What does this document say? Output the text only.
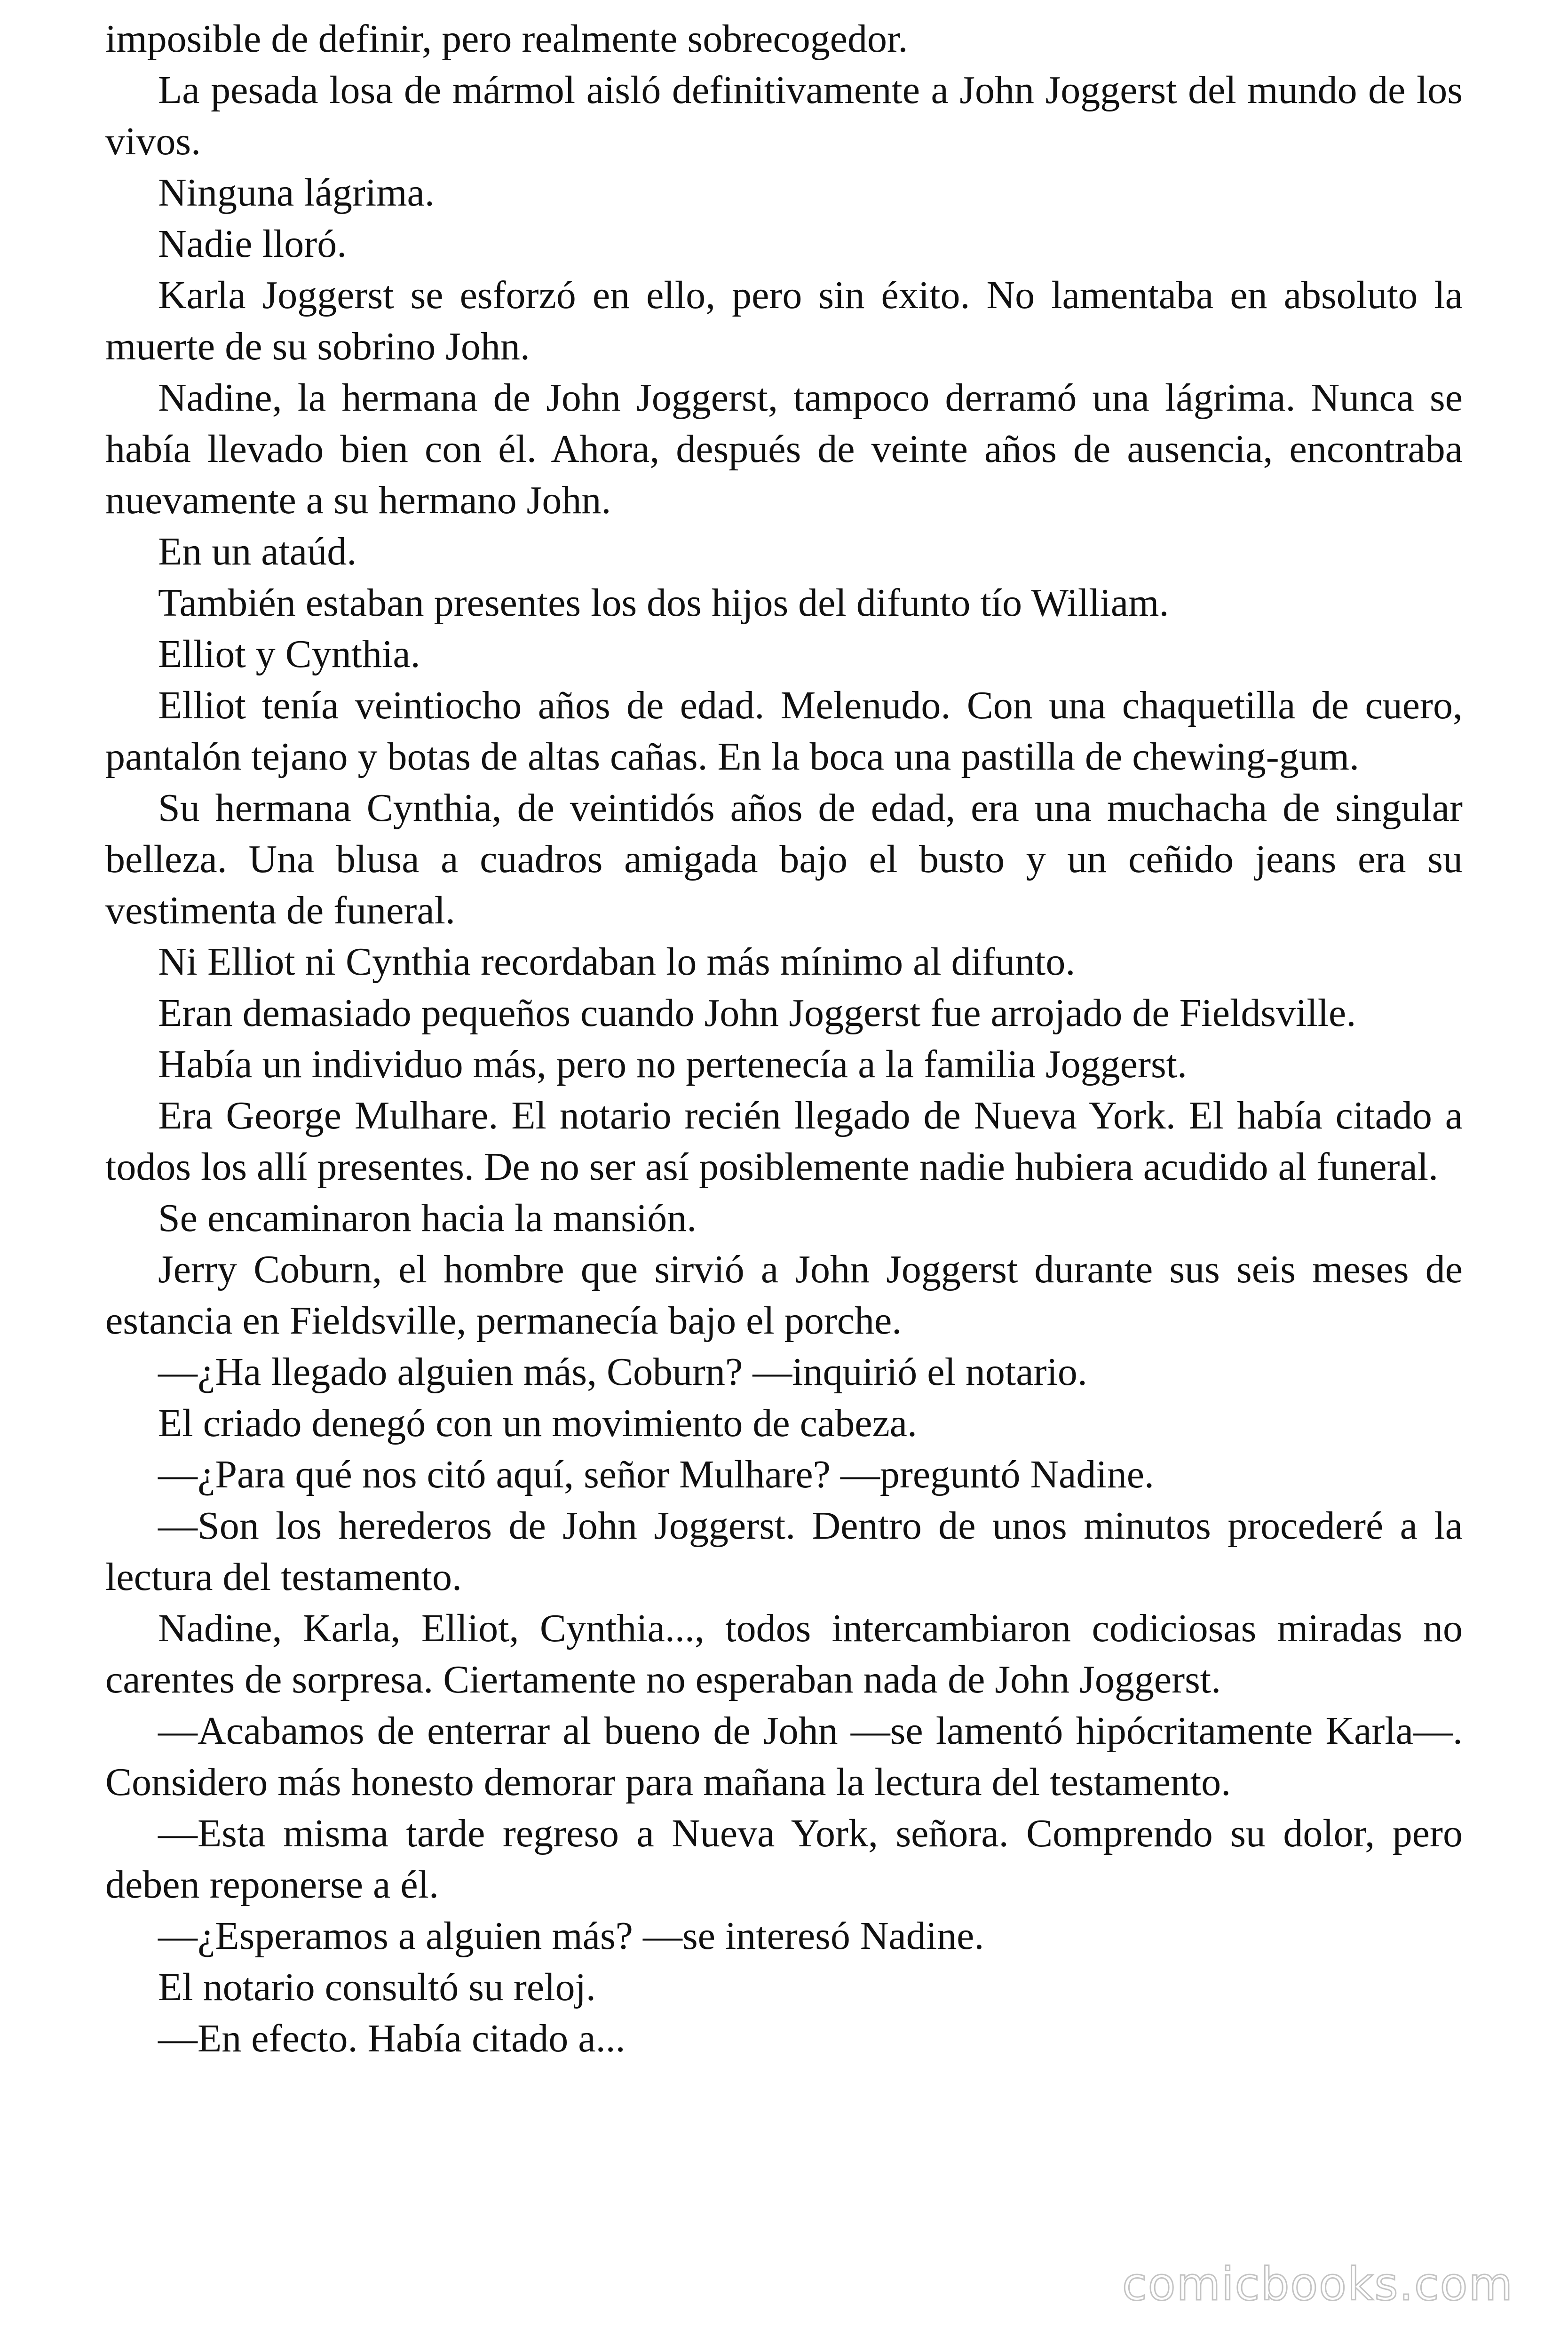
imposible de definir, pero realmente sobrecogedor.

La pesada losa de mármol aisló definitivamente a John Joggerst del mundo de los vivos.

Ninguna lágrima.

Nadie lloró.

Karla Joggerst se esforzó en ello, pero sin éxito. No lamentaba en absoluto la muerte de su sobrino John.

Nadine, la hermana de John Joggerst, tampoco derramó una lágrima. Nunca se había llevado bien con él. Ahora, después de veinte años de ausencia, encontraba nuevamente a su hermano John.

En un ataúd.

También estaban presentes los dos hijos del difunto tío William.

Elliot y Cynthia.

Elliot tenía veintiocho años de edad. Melenudo. Con una chaquetilla de cuero, pantalón tejano y botas de altas cañas. En la boca una pastilla de chewing-gum.

Su hermana Cynthia, de veintidós años de edad, era una muchacha de singular belleza. Una blusa a cuadros amigada bajo el busto y un ceñido jeans era su vestimenta de funeral.

Ni Elliot ni Cynthia recordaban lo más mínimo al difunto.

Eran demasiado pequeños cuando John Joggerst fue arrojado de Fieldsville.

Había un individuo más, pero no pertenecía a la familia Joggerst.

Era George Mulhare. El notario recién llegado de Nueva York. El había citado a todos los allí presentes. De no ser así posiblemente nadie hubiera acudido al funeral.

Se encaminaron hacia la mansión.

Jerry Coburn, el hombre que sirvió a John Joggerst durante sus seis meses de estancia en Fieldsville, permanecía bajo el porche.

—¿Ha llegado alguien más, Coburn? —inquirió el notario.

El criado denegó con un movimiento de cabeza.

—¿Para qué nos citó aquí, señor Mulhare? —preguntó Nadine.

—Son los herederos de John Joggerst. Dentro de unos minutos procederé a la lectura del testamento.

Nadine, Karla, Elliot, Cynthia..., todos intercambiaron codiciosas miradas no carentes de sorpresa. Ciertamente no esperaban nada de John Joggerst.

—Acabamos de enterrar al bueno de John —se lamentó hipócritamente Karla—. Considero más honesto demorar para mañana la lectura del testamento.

—Esta misma tarde regreso a Nueva York, señora. Comprendo su dolor, pero deben reponerse a él.

—¿Esperamos a alguien más? —se interesó Nadine.

El notario consultó su reloj.

—En efecto. Había citado a...

comicbooks.com
